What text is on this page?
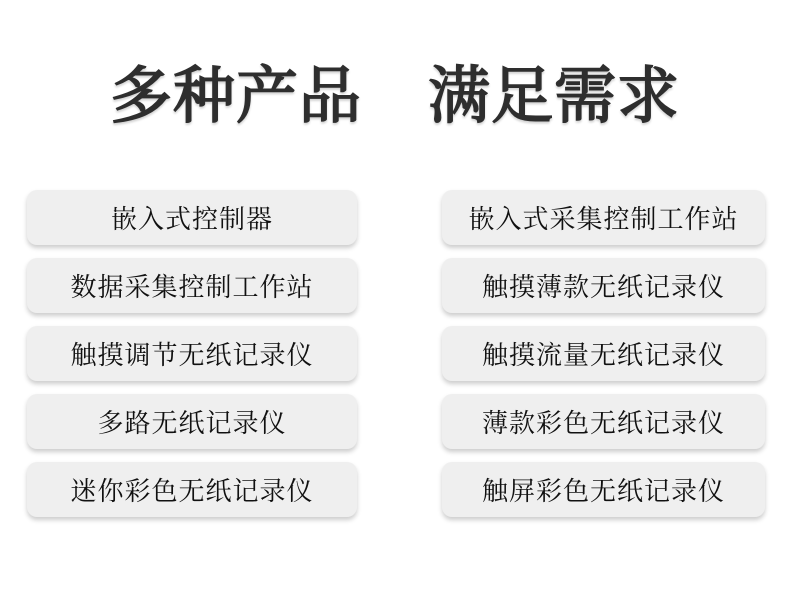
多种产品 满足需求
嵌入式控制器
数据采集控制工作站
触摸调节无纸记录仪
多路无纸记录仪
迷你彩色无纸记录仪
嵌入式采集控制工作站
触摸薄款无纸记录仪
触摸流量无纸记录仪
薄款彩色无纸记录仪
触屏彩色无纸记录仪
